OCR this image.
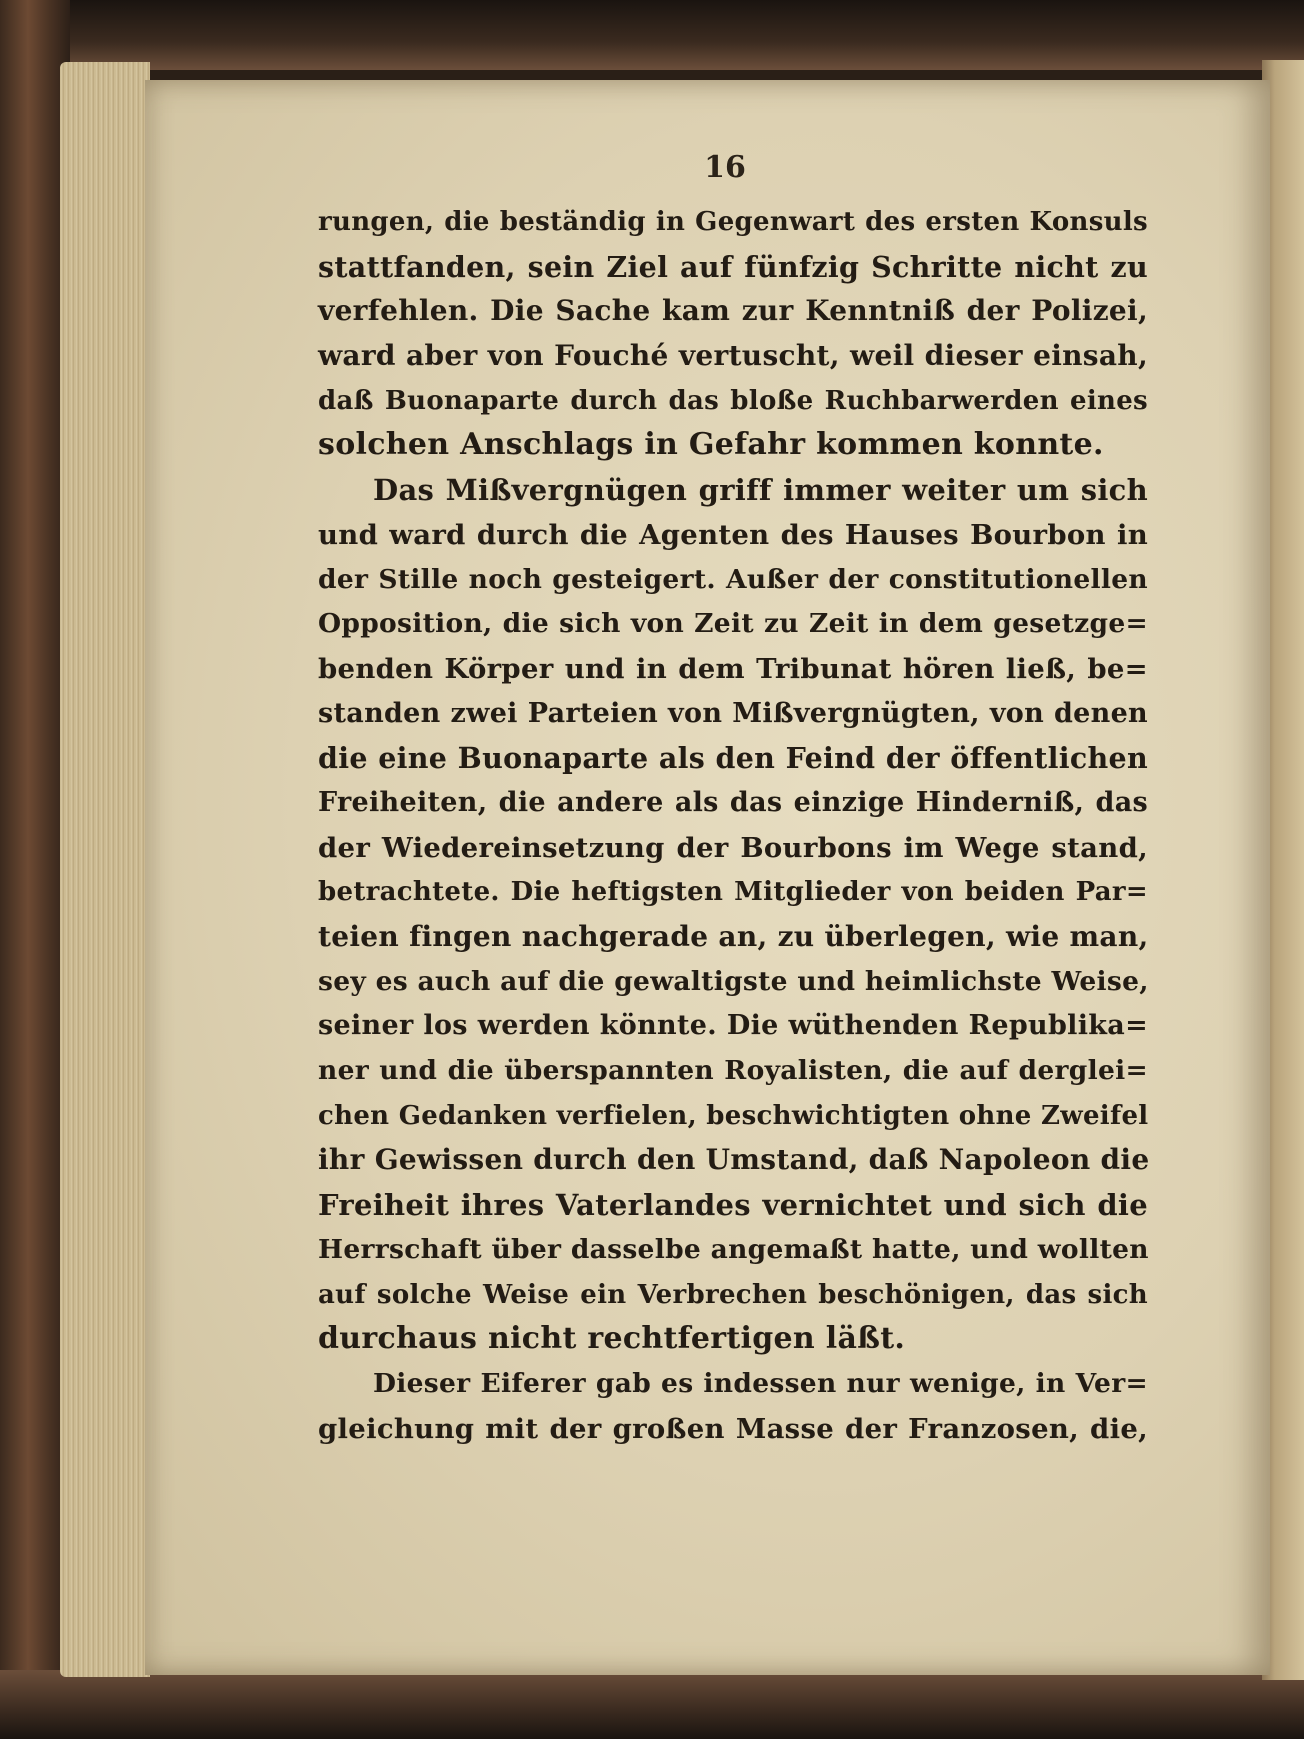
16
rungen, die beständig in Gegenwart des ersten Konsuls
stattfanden, sein Ziel auf fünfzig Schritte nicht zu
verfehlen. Die Sache kam zur Kenntniß der Polizei,
ward aber von Fouché vertuscht, weil dieser einsah,
daß Buonaparte durch das bloße Ruchbarwerden eines
solchen Anschlags in Gefahr kommen konnte.
Das Mißvergnügen griff immer weiter um sich
und ward durch die Agenten des Hauses Bourbon in
der Stille noch gesteigert. Außer der constitutionellen
Opposition, die sich von Zeit zu Zeit in dem gesetzge=
benden Körper und in dem Tribunat hören ließ, be=
standen zwei Parteien von Mißvergnügten, von denen
die eine Buonaparte als den Feind der öffentlichen
Freiheiten, die andere als das einzige Hinderniß, das
der Wiedereinsetzung der Bourbons im Wege stand,
betrachtete. Die heftigsten Mitglieder von beiden Par=
teien fingen nachgerade an, zu überlegen, wie man,
sey es auch auf die gewaltigste und heimlichste Weise,
seiner los werden könnte. Die wüthenden Republika=
ner und die überspannten Royalisten, die auf derglei=
chen Gedanken verfielen, beschwichtigten ohne Zweifel
ihr Gewissen durch den Umstand, daß Napoleon die
Freiheit ihres Vaterlandes vernichtet und sich die
Herrschaft über dasselbe angemaßt hatte, und wollten
auf solche Weise ein Verbrechen beschönigen, das sich
durchaus nicht rechtfertigen läßt.
Dieser Eiferer gab es indessen nur wenige, in Ver=
gleichung mit der großen Masse der Franzosen, die,
